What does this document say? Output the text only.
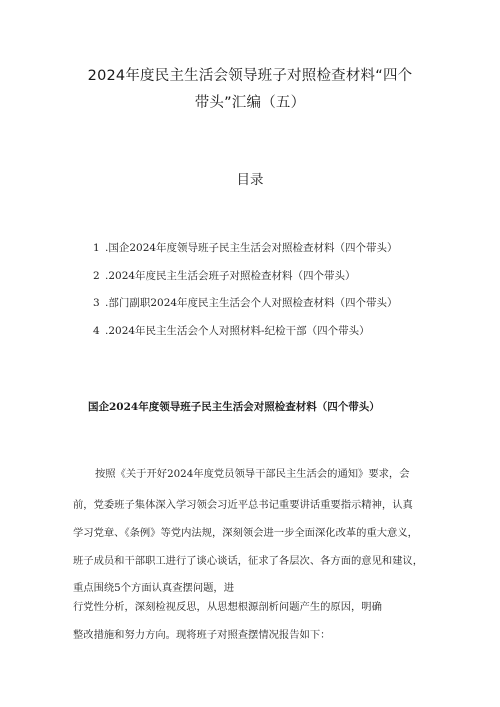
2024年度民主生活会领导班子对照检查材料“四个
带头”汇编（五）
目录
1 .国企2024年度领导班子民主生活会对照检查材料（四个带头）
2 .2024年度民主生活会班子对照检查材料（四个带头）
3 .部门副职2024年度民主生活会个人对照检查材料（四个带头）
4 .2024年民主生活会个人对照材料-纪检干部（四个带头）
国企2024年度领导班子民主生活会对照检查材料（四个带头）
按照《关于开好2024年度党员领导干部民主生活会的通知》要求，会
前，党委班子集体深入学习领会习近平总书记重要讲话重要指示精神，认真
学习党章、《条例》等党内法规，深刻领会进一步全面深化改革的重大意义，
班子成员和干部职工进行了谈心谈话，征求了各层次、各方面的意见和建议，
重点围绕5个方面认真查摆问题，进
行党性分析，深刻检视反思，从思想根源剖析问题产生的原因，明确
整改措施和努力方向。现将班子对照查摆情况报告如下：
